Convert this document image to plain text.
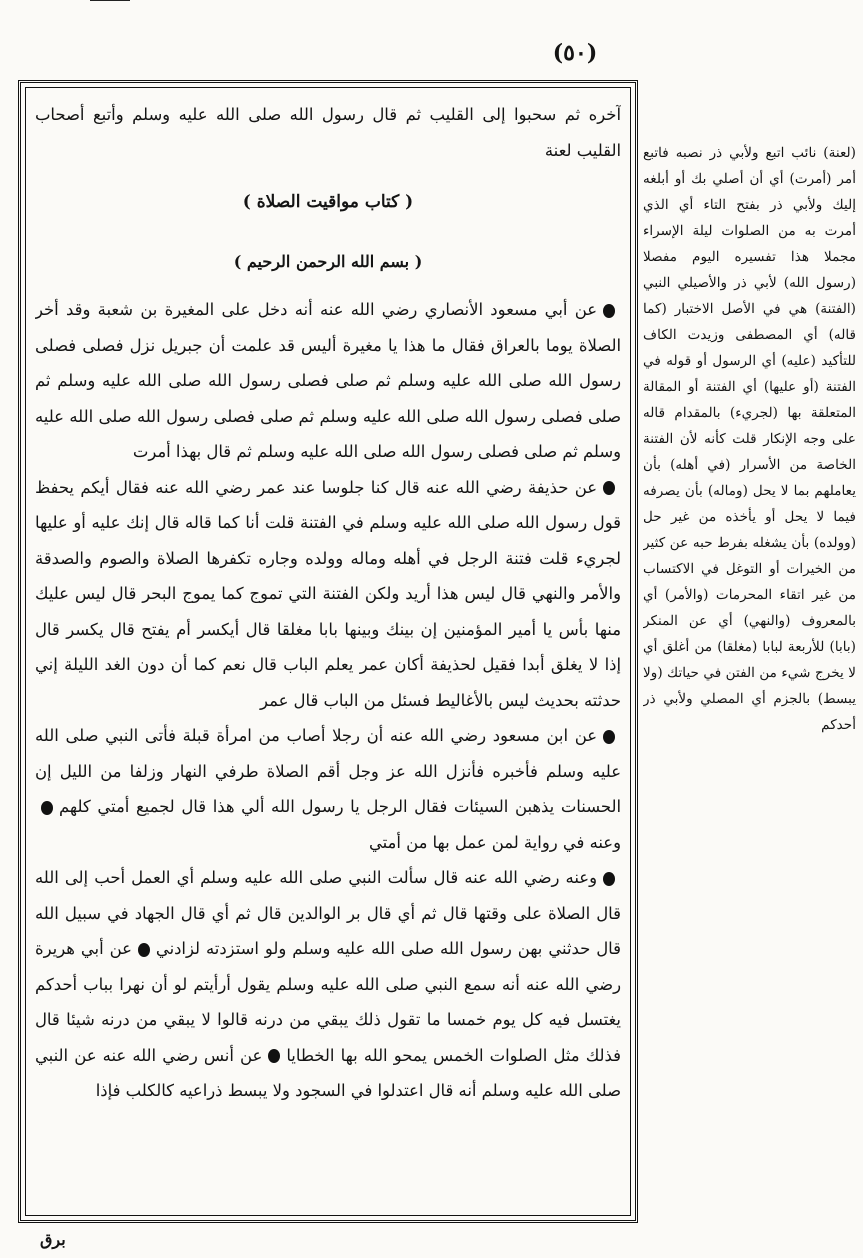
(٥٠)

آخره ثم سحبوا إلى القليب ثم قال رسول الله صلى الله عليه وسلم وأتبع أصحاب القليب لعنة

( كتاب مواقيت الصلاة )
( بسم الله الرحمن الرحيم )

عن أبي مسعود الأنصاري رضي الله عنه أنه دخل على المغيرة بن شعبة وقد أخر الصلاة يوما بالعراق فقال ما هذا يا مغيرة أليس قد علمت أن جبريل نزل فصلى فصلى رسول الله صلى الله عليه وسلم ثم صلى فصلى رسول الله صلى الله عليه وسلم ثم صلى فصلى رسول الله صلى الله عليه وسلم ثم صلى فصلى رسول الله صلى الله عليه وسلم ثم صلى فصلى رسول الله صلى الله عليه وسلم ثم قال بهذا أمرت

عن حذيفة رضي الله عنه قال كنا جلوسا عند عمر رضي الله عنه فقال أيكم يحفظ قول رسول الله صلى الله عليه وسلم في الفتنة قلت أنا كما قاله قال إنك عليه أو عليها لجريء قلت فتنة الرجل في أهله وماله وولده وجاره تكفرها الصلاة والصوم والصدقة والأمر والنهي قال ليس هذا أريد ولكن الفتنة التي تموج كما يموج البحر قال ليس عليك منها بأس يا أمير المؤمنين إن بينك وبينها بابا مغلقا قال أيكسر أم يفتح قال يكسر قال إذا لا يغلق أبدا فقيل لحذيفة أكان عمر يعلم الباب قال نعم كما أن دون الغد الليلة إني حدثته بحديث ليس بالأغاليط فسئل من الباب قال عمر

عن ابن مسعود رضي الله عنه أن رجلا أصاب من امرأة قبلة فأتى النبي صلى الله عليه وسلم فأخبره فأنزل الله عز وجل أقم الصلاة طرفي النهار وزلفا من الليل إن الحسنات يذهبن السيئات فقال الرجل يا رسول الله ألي هذا قال لجميع أمتي كلهموعنه في رواية لمن عمل بها من أمتي

وعنه رضي الله عنه قال سألت النبي صلى الله عليه وسلم أي العمل أحب إلى الله قال الصلاة على وقتها قال ثم أي قال بر الوالدين قال ثم أي قال الجهاد في سبيل الله قال حدثني بهن رسول الله صلى الله عليه وسلم ولو استزدته لزادنيعن أبي هريرة رضي الله عنه أنه سمع النبي صلى الله عليه وسلم يقول أرأيتم لو أن نهرا بباب أحدكم يغتسل فيه كل يوم خمسا ما تقول ذلك يبقي من درنه قالوا لا يبقي من درنه شيئا قال فذلك مثل الصلوات الخمس يمحو الله بها الخطاياعن أنس رضي الله عنه عن النبي صلى الله عليه وسلم أنه قال اعتدلوا في السجود ولا يبسط ذراعيه كالكلب فإذا

(لعنة) نائب اتبع ولأبي ذر نصبه فاتبع أمر (أمرت) أي أن أصلي بك أو أبلغه إليك ولأبي ذر بفتح التاء أي الذي أمرت به من الصلوات ليلة الإسراء مجملا هذا تفسيره اليوم مفصلا (رسول الله) لأبي ذر والأصيلي النبي (الفتنة) هي في الأصل الاختبار (كما قاله) أي المصطفى وزيدت الكاف للتأكيد (عليه) أي الرسول أو قوله في الفتنة (أو عليها) أي الفتنة أو المقالة المتعلقة بها (لجريء) بالمقدام قاله على وجه الإنكار قلت كأنه لأن الفتنة الخاصة من الأسرار (في أهله) بأن يعاملهم بما لا يحل (وماله) بأن يصرفه فيما لا يحل أو يأخذه من غير حل (وولده) بأن يشغله بفرط حبه عن كثير من الخيرات أو التوغل في الاكتساب من غير اتقاء المحرمات (والأمر) أي بالمعروف (والنهي) أي عن المنكر (بابا) للأربعة لبابا (مغلقا) من أغلق أي لا يخرج شيء من الفتن في حياتك (ولا يبسط) بالجزم أي المصلي ولأبي ذر أحدكم

برق
